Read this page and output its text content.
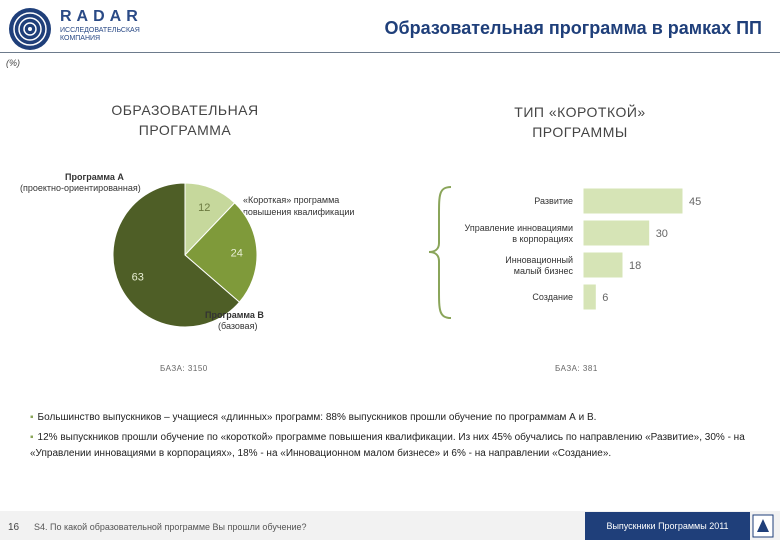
RADAR
ИССЛЕДОВАТЕЛЬСКАЯ КОМПАНИЯ
Образовательная программа в рамках ПП
(%)
ОБРАЗОВАТЕЛЬНАЯ
ПРОГРАММА
Программа А
(проектно-ориентированная)
«Короткая» программа
повышения квалификации
12
24
63
Программа В
(базовая)
БАЗА: 3150
ТИП «КОРОТКОЙ»
ПРОГРАММЫ
45
Развитие
30
Управление инновациями
в корпорациях
18
Инновационный
малый бизнес
6
Создание
БАЗА: 381
▪ Большинство выпускников – учащиеся «длинных» программ: 88% выпускников прошли обучение по программам А и В.
▪ 12% выпускников прошли обучение по «короткой» программе повышения квалификации. Из них 45% обучались по направлению «Развитие», 30% - на «Управлении инновациями в корпорациях», 18% - на «Инновационном малом бизнесе» и 6% - на направлении «Создание».
16 S4. По какой образовательной программе Вы прошли обучение?	Выпускники Программы 2011
